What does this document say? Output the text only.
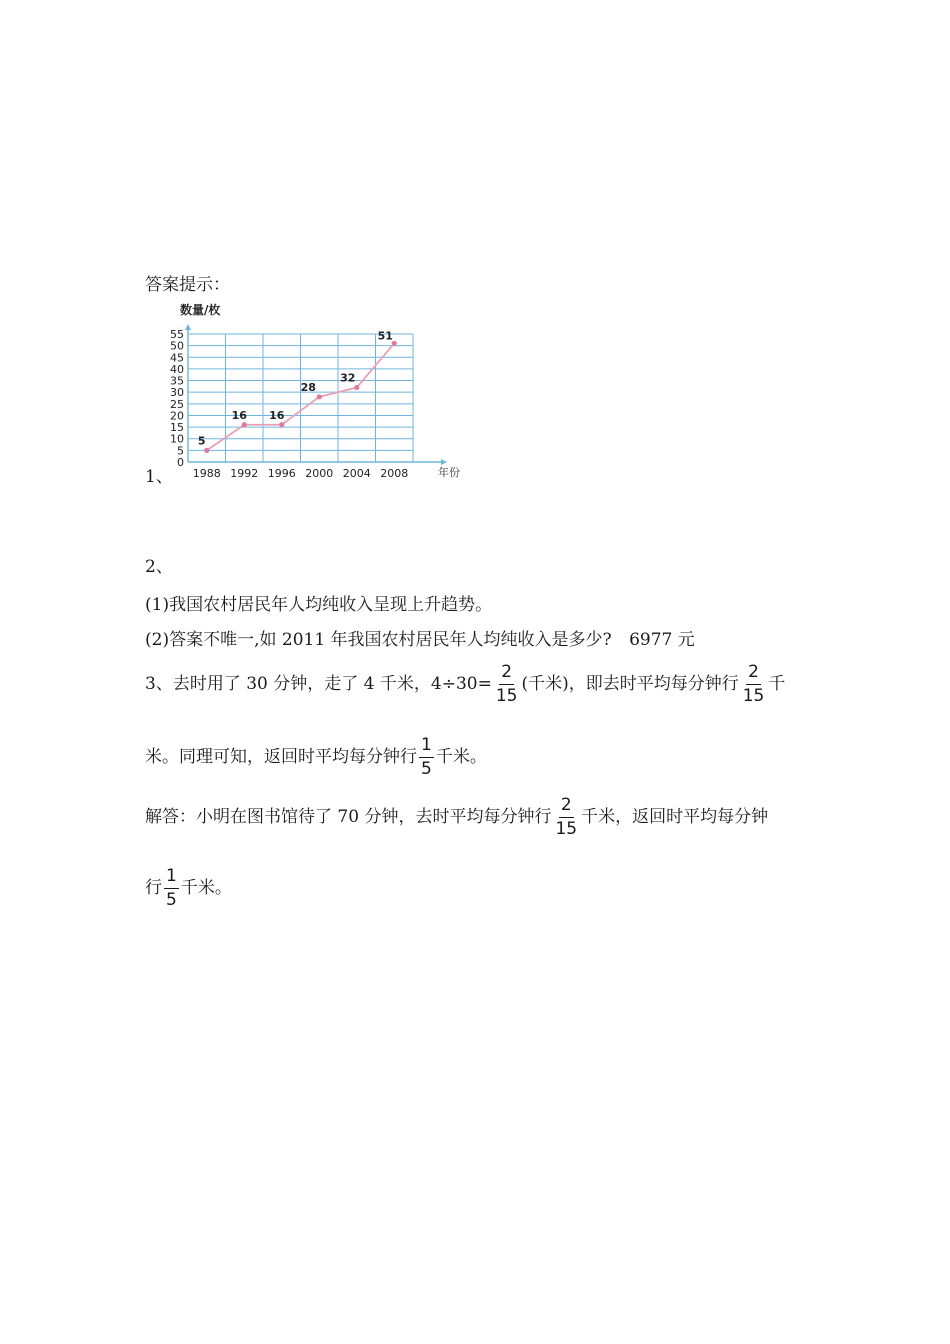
答案提示：
1、
数量/枚
0
5
10
15
20
25
30
35
40
45
50
55
1988 1992 1996 2000 2004 2008
5
16 16
28
32
51
年份
2、
(1)我国农村居民年人均纯收入呈现上升趋势。
(2)答案不唯一,如 2011 年我国农村居民年人均纯收入是多少? 6977 元
3、去时用了 30 分钟，走了 4 千米，$4\div 30= \frac{2}{15}$ (千米)，即去时平均每分钟行 $\frac{2}{15}$ 千
米。同理可知，返回时平均每分钟行 $\frac{1}{5}$ 千米。
解答：小明在图书馆待了 70 分钟，去时平均每分钟行 $\frac{2}{15}$ 千米，返回时平均每分钟
行 $\frac{1}{5}$ 千米。
